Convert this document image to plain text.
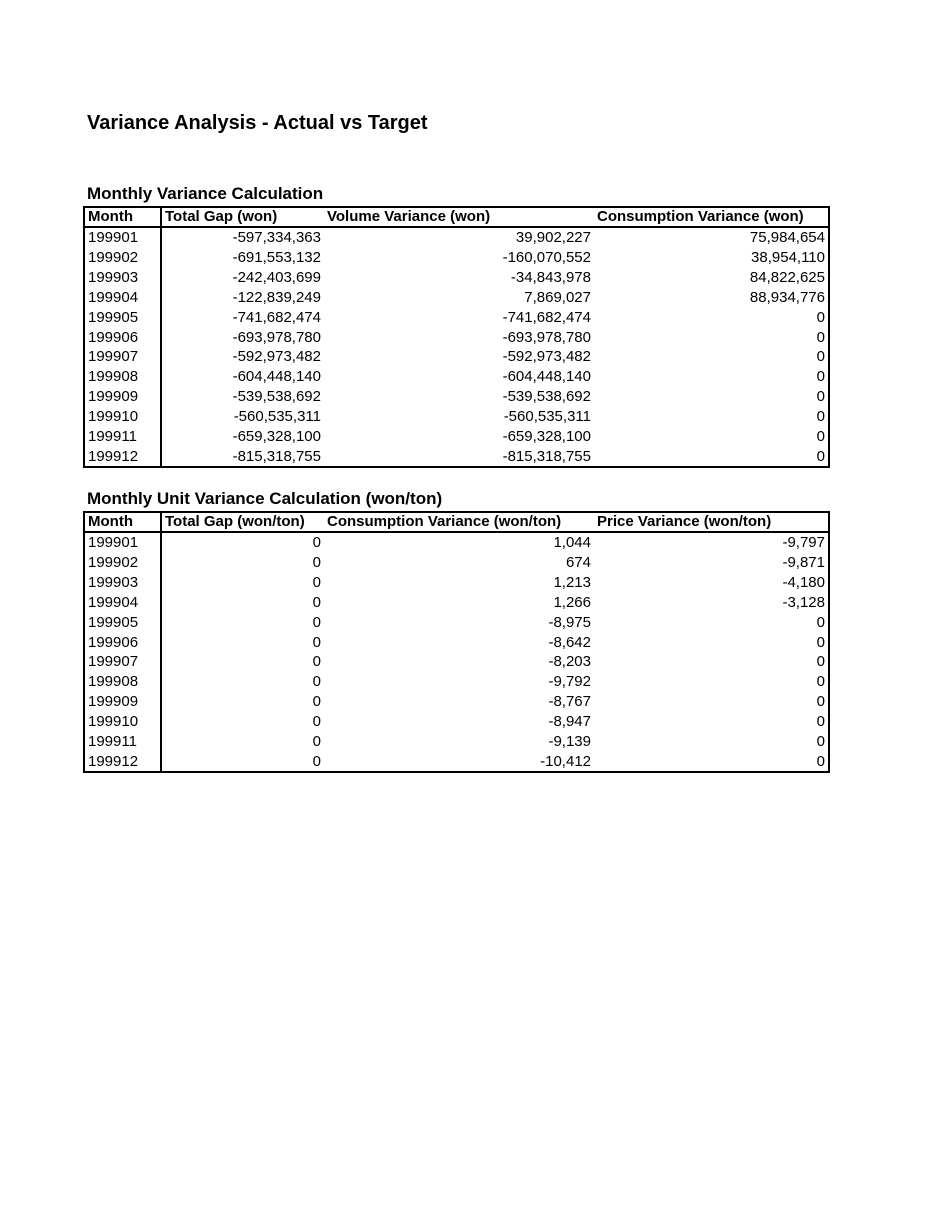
Variance Analysis - Actual vs Target
Monthly Variance Calculation
Month	Total Gap (won)	Volume Variance (won)	Consumption Variance (won)
199901	-597,334,363	39,902,227	75,984,654
199902	-691,553,132	-160,070,552	38,954,110
199903	-242,403,699	-34,843,978	84,822,625
199904	-122,839,249	7,869,027	88,934,776
199905	-741,682,474	-741,682,474	0
199906	-693,978,780	-693,978,780	0
199907	-592,973,482	-592,973,482	0
199908	-604,448,140	-604,448,140	0
199909	-539,538,692	-539,538,692	0
199910	-560,535,311	-560,535,311	0
199911	-659,328,100	-659,328,100	0
199912	-815,318,755	-815,318,755	0
Monthly Unit Variance Calculation (won/ton)
Month	Total Gap (won/ton)	Consumption Variance (won/ton)	Price Variance (won/ton)
199901	0	1,044	-9,797
199902	0	674	-9,871
199903	0	1,213	-4,180
199904	0	1,266	-3,128
199905	0	-8,975	0
199906	0	-8,642	0
199907	0	-8,203	0
199908	0	-9,792	0
199909	0	-8,767	0
199910	0	-8,947	0
199911	0	-9,139	0
199912	0	-10,412	0
